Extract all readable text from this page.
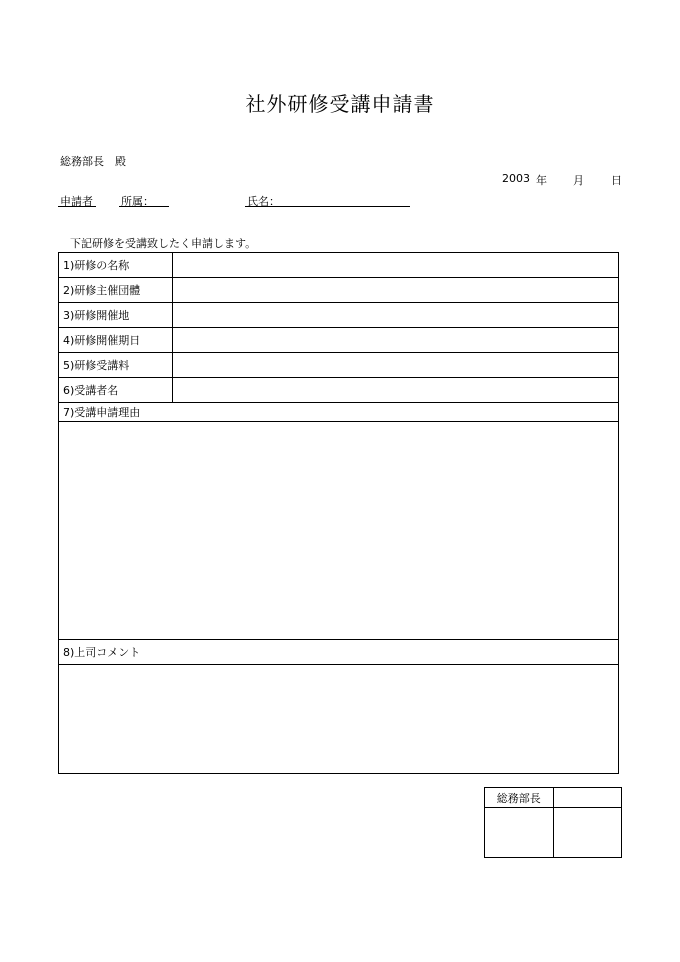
社外研修受講申請書
総務部長　殿
2003 年 月 日
申請者	所属：	氏名：
下記研修を受講致したく申請します。
1)研修の名称	
2)研修主催団體	
3)研修開催地	
4)研修開催期日	
5)研修受講料	
6)受講者名	
7)受講申請理由	

8)上司コメント	

総務部長	
